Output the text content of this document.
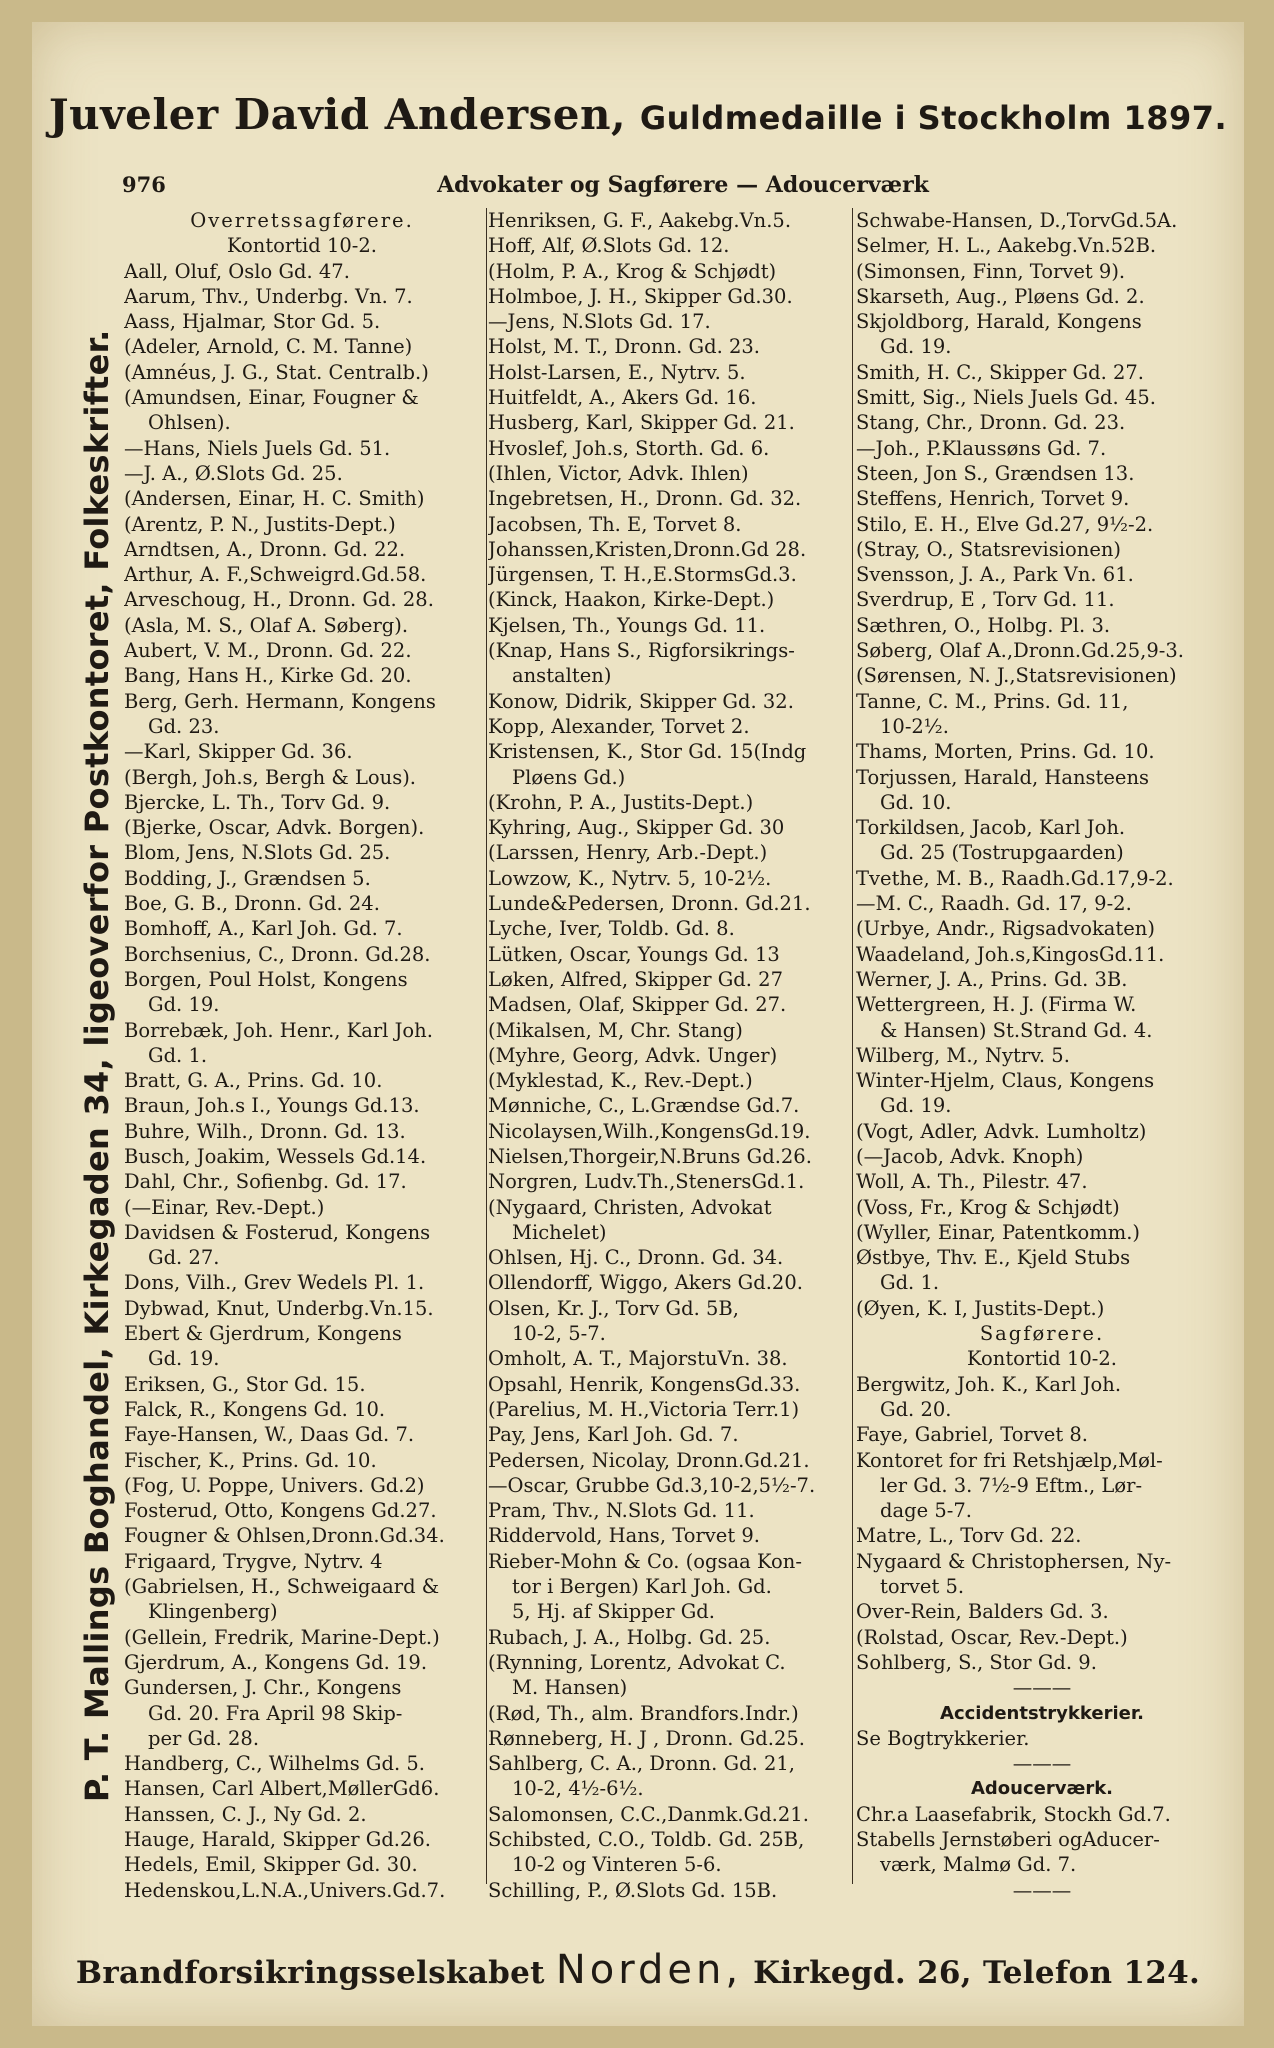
Juveler David Andersen, Guldmedaille i Stockholm 1897.
976	Advokater og Sagførere — Adoucerværk
P. T. Mallings Boghandel, Kirkegaden 34, ligeoverfor Postkontoret, Folkeskrifter.
Overretssagførere.
Kontortid 10-2.
Aall, Oluf, Oslo Gd. 47.
Aarum, Thv., Underbg. Vn. 7.
Aass, Hjalmar, Stor Gd. 5.
(Adeler, Arnold, C. M. Tanne)
(Amnéus, J. G., Stat. Centralb.)
(Amundsen, Einar, Fougner &
Ohlsen).
—Hans, Niels Juels Gd. 51.
—J. A., Ø.Slots Gd. 25.
(Andersen, Einar, H. C. Smith)
(Arentz, P. N., Justits-Dept.)
Arndtsen, A., Dronn. Gd. 22.
Arthur, A. F.,Schweigrd.Gd.58.
Arveschoug, H., Dronn. Gd. 28.
(Asla, M. S., Olaf A. Søberg).
Aubert, V. M., Dronn. Gd. 22.
Bang, Hans H., Kirke Gd. 20.
Berg, Gerh. Hermann, Kongens
Gd. 23.
—Karl, Skipper Gd. 36.
(Bergh, Joh.s, Bergh & Lous).
Bjercke, L. Th., Torv Gd. 9.
(Bjerke, Oscar, Advk. Borgen).
Blom, Jens, N.Slots Gd. 25.
Bodding, J., Grændsen 5.
Boe, G. B., Dronn. Gd. 24.
Bomhoff, A., Karl Joh. Gd. 7.
Borchsenius, C., Dronn. Gd.28.
Borgen, Poul Holst, Kongens
Gd. 19.
Borrebæk, Joh. Henr., Karl Joh.
Gd. 1.
Bratt, G. A., Prins. Gd. 10.
Braun, Joh.s I., Youngs Gd.13.
Buhre, Wilh., Dronn. Gd. 13.
Busch, Joakim, Wessels Gd.14.
Dahl, Chr., Sofienbg. Gd. 17.
(—Einar, Rev.-Dept.)
Davidsen & Fosterud, Kongens
Gd. 27.
Dons, Vilh., Grev Wedels Pl. 1.
Dybwad, Knut, Underbg.Vn.15.
Ebert & Gjerdrum, Kongens
Gd. 19.
Eriksen, G., Stor Gd. 15.
Falck, R., Kongens Gd. 10.
Faye-Hansen, W., Daas Gd. 7.
Fischer, K., Prins. Gd. 10.
(Fog, U. Poppe, Univers. Gd.2)
Fosterud, Otto, Kongens Gd.27.
Fougner & Ohlsen,Dronn.Gd.34.
Frigaard, Trygve, Nytrv. 4
(Gabrielsen, H., Schweigaard &
Klingenberg)
(Gellein, Fredrik, Marine-Dept.)
Gjerdrum, A., Kongens Gd. 19.
Gundersen, J. Chr., Kongens
Gd. 20. Fra April 98 Skip-
per Gd. 28.
Handberg, C., Wilhelms Gd. 5.
Hansen, Carl Albert,MøllerGd6.
Hanssen, C. J., Ny Gd. 2.
Hauge, Harald, Skipper Gd.26.
Hedels, Emil, Skipper Gd. 30.
Hedenskou,L.N.A.,Univers.Gd.7.
Henriksen, G. F., Aakebg.Vn.5.
Hoff, Alf, Ø.Slots Gd. 12.
(Holm, P. A., Krog & Schjødt)
Holmboe, J. H., Skipper Gd.30.
—Jens, N.Slots Gd. 17.
Holst, M. T., Dronn. Gd. 23.
Holst-Larsen, E., Nytrv. 5.
Huitfeldt, A., Akers Gd. 16.
Husberg, Karl, Skipper Gd. 21.
Hvoslef, Joh.s, Storth. Gd. 6.
(Ihlen, Victor, Advk. Ihlen)
Ingebretsen, H., Dronn. Gd. 32.
Jacobsen, Th. E, Torvet 8.
Johanssen,Kristen,Dronn.Gd 28.
Jürgensen, T. H.,E.StormsGd.3.
(Kinck, Haakon, Kirke-Dept.)
Kjelsen, Th., Youngs Gd. 11.
(Knap, Hans S., Rigforsikrings-
anstalten)
Konow, Didrik, Skipper Gd. 32.
Kopp, Alexander, Torvet 2.
Kristensen, K., Stor Gd. 15(Indg
Pløens Gd.)
(Krohn, P. A., Justits-Dept.)
Kyhring, Aug., Skipper Gd. 30
(Larssen, Henry, Arb.-Dept.)
Lowzow, K., Nytrv. 5, 10-2½.
Lunde&Pedersen, Dronn. Gd.21.
Lyche, Iver, Toldb. Gd. 8.
Lütken, Oscar, Youngs Gd. 13
Løken, Alfred, Skipper Gd. 27
Madsen, Olaf, Skipper Gd. 27.
(Mikalsen, M, Chr. Stang)
(Myhre, Georg, Advk. Unger)
(Myklestad, K., Rev.-Dept.)
Mønniche, C., L.Grændse Gd.7.
Nicolaysen,Wilh.,KongensGd.19.
Nielsen,Thorgeir,N.Bruns Gd.26.
Norgren, Ludv.Th.,StenersGd.1.
(Nygaard, Christen, Advokat
Michelet)
Ohlsen, Hj. C., Dronn. Gd. 34.
Ollendorff, Wiggo, Akers Gd.20.
Olsen, Kr. J., Torv Gd. 5B,
10-2, 5-7.
Omholt, A. T., MajorstuVn. 38.
Opsahl, Henrik, KongensGd.33.
(Parelius, M. H.,Victoria Terr.1)
Pay, Jens, Karl Joh. Gd. 7.
Pedersen, Nicolay, Dronn.Gd.21.
—Oscar, Grubbe Gd.3,10-2,5½-7.
Pram, Thv., N.Slots Gd. 11.
Riddervold, Hans, Torvet 9.
Rieber-Mohn & Co. (ogsaa Kon-
tor i Bergen) Karl Joh. Gd.
5, Hj. af Skipper Gd.
Rubach, J. A., Holbg. Gd. 25.
(Rynning, Lorentz, Advokat C.
M. Hansen)
(Rød, Th., alm. Brandfors.Indr.)
Rønneberg, H. J , Dronn. Gd.25.
Sahlberg, C. A., Dronn. Gd. 21,
10-2, 4½-6½.
Salomonsen, C.C.,Danmk.Gd.21.
Schibsted, C.O., Toldb. Gd. 25B,
10-2 og Vinteren 5-6.
Schilling, P., Ø.Slots Gd. 15B.
Schwabe-Hansen, D.,TorvGd.5A.
Selmer, H. L., Aakebg.Vn.52B.
(Simonsen, Finn, Torvet 9).
Skarseth, Aug., Pløens Gd. 2.
Skjoldborg, Harald, Kongens
Gd. 19.
Smith, H. C., Skipper Gd. 27.
Smitt, Sig., Niels Juels Gd. 45.
Stang, Chr., Dronn. Gd. 23.
—Joh., P.Klaussøns Gd. 7.
Steen, Jon S., Grændsen 13.
Steffens, Henrich, Torvet 9.
Stilo, E. H., Elve Gd.27, 9½-2.
(Stray, O., Statsrevisionen)
Svensson, J. A., Park Vn. 61.
Sverdrup, E , Torv Gd. 11.
Sæthren, O., Holbg. Pl. 3.
Søberg, Olaf A.,Dronn.Gd.25,9-3.
(Sørensen, N. J.,Statsrevisionen)
Tanne, C. M., Prins. Gd. 11,
10-2½.
Thams, Morten, Prins. Gd. 10.
Torjussen, Harald, Hansteens
Gd. 10.
Torkildsen, Jacob, Karl Joh.
Gd. 25 (Tostrupgaarden)
Tvethe, M. B., Raadh.Gd.17,9-2.
—M. C., Raadh. Gd. 17, 9-2.
(Urbye, Andr., Rigsadvokaten)
Waadeland, Joh.s,KingosGd.11.
Werner, J. A., Prins. Gd. 3B.
Wettergreen, H. J. (Firma W.
& Hansen) St.Strand Gd. 4.
Wilberg, M., Nytrv. 5.
Winter-Hjelm, Claus, Kongens
Gd. 19.
(Vogt, Adler, Advk. Lumholtz)
(—Jacob, Advk. Knoph)
Woll, A. Th., Pilestr. 47.
(Voss, Fr., Krog & Schjødt)
(Wyller, Einar, Patentkomm.)
Østbye, Thv. E., Kjeld Stubs
Gd. 1.
(Øyen, K. I, Justits-Dept.)
Sagførere.
Kontortid 10-2.
Bergwitz, Joh. K., Karl Joh.
Gd. 20.
Faye, Gabriel, Torvet 8.
Kontoret for fri Retshjælp,Møl-
ler Gd. 3. 7½-9 Eftm., Lør-
dage 5-7.
Matre, L., Torv Gd. 22.
Nygaard & Christophersen, Ny-
torvet 5.
Over-Rein, Balders Gd. 3.
(Rolstad, Oscar, Rev.-Dept.)
Sohlberg, S., Stor Gd. 9.
———
Accidentstrykkerier.
Se Bogtrykkerier.
———
Adoucerværk.
Chr.a Laasefabrik, Stockh Gd.7.
Stabells Jernstøberi ogAducer-
værk, Malmø Gd. 7.
———
Brandforsikringsselskabet Norden, Kirkegd. 26, Telefon 124.
